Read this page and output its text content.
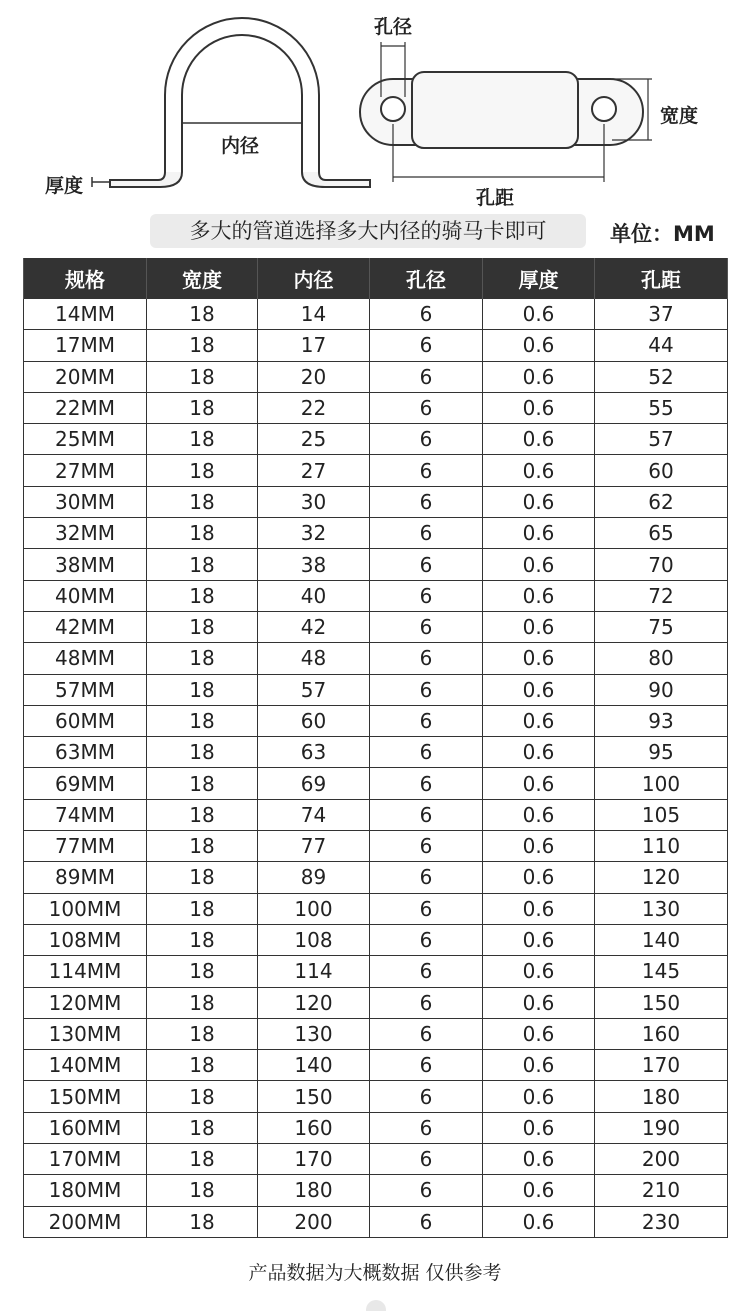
孔径
内径
厚度
宽度
孔距
多大的管道选择多大内径的骑马卡即可	单位：MM
规格	宽度	内径	孔径	厚度	孔距
14MM	18	14	6	0.6	37
17MM	18	17	6	0.6	44
20MM	18	20	6	0.6	52
22MM	18	22	6	0.6	55
25MM	18	25	6	0.6	57
27MM	18	27	6	0.6	60
30MM	18	30	6	0.6	62
32MM	18	32	6	0.6	65
38MM	18	38	6	0.6	70
40MM	18	40	6	0.6	72
42MM	18	42	6	0.6	75
48MM	18	48	6	0.6	80
57MM	18	57	6	0.6	90
60MM	18	60	6	0.6	93
63MM	18	63	6	0.6	95
69MM	18	69	6	0.6	100
74MM	18	74	6	0.6	105
77MM	18	77	6	0.6	110
89MM	18	89	6	0.6	120
100MM	18	100	6	0.6	130
108MM	18	108	6	0.6	140
114MM	18	114	6	0.6	145
120MM	18	120	6	0.6	150
130MM	18	130	6	0.6	160
140MM	18	140	6	0.6	170
150MM	18	150	6	0.6	180
160MM	18	160	6	0.6	190
170MM	18	170	6	0.6	200
180MM	18	180	6	0.6	210
200MM	18	200	6	0.6	230
产品数据为大概数据 仅供参考
